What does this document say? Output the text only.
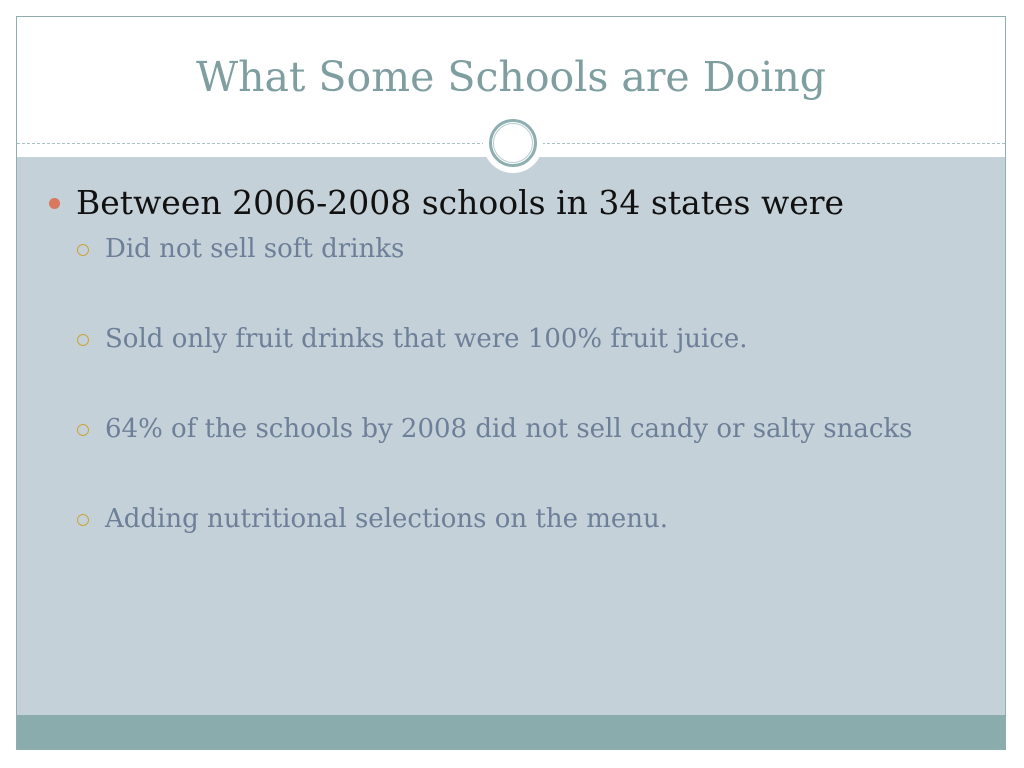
What Some Schools are Doing
Between 2006-2008 schools in 34 states were
Did not sell soft drinks
Sold only fruit drinks that were 100% fruit juice.
64% of the schools by 2008 did not sell candy or salty snacks
Adding nutritional selections on the menu.
